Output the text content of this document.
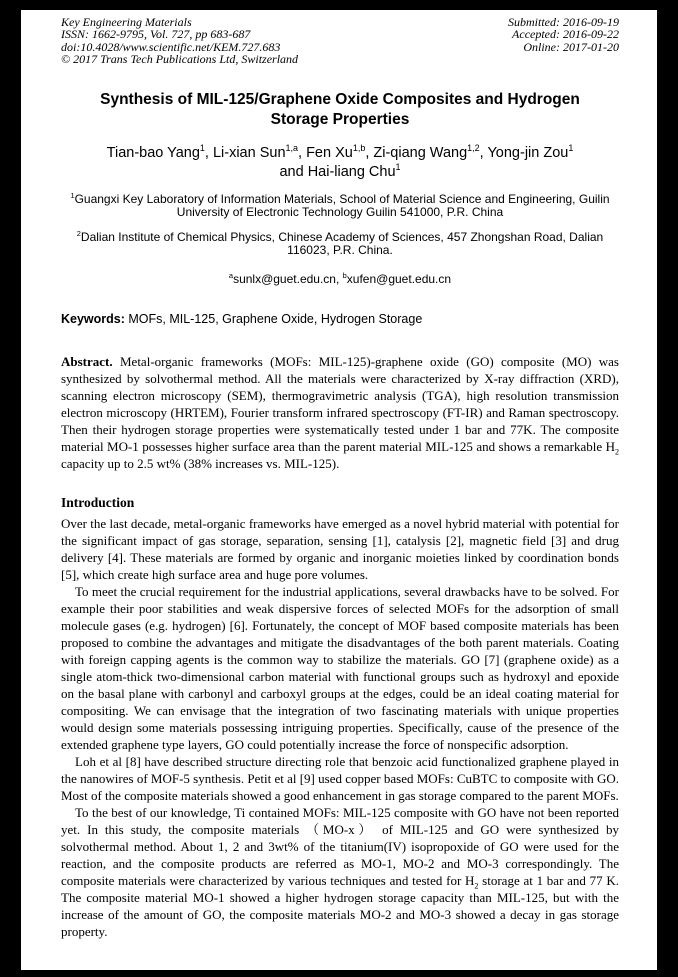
Key Engineering Materials
ISSN: 1662-9795, Vol. 727, pp 683-687
doi:10.4028/www.scientific.net/KEM.727.683
© 2017 Trans Tech Publications Ltd, Switzerland
Submitted: 2016-09-19
Accepted: 2016-09-22
Online: 2017-01-20
Synthesis of MIL-125/Graphene Oxide Composites and Hydrogen
Storage Properties
Tian-bao Yang$^1$, Li-xian Sun$^{1,a}$, Fen Xu$^{1,b}$, Zi-qiang Wang$^{1,2}$, Yong-jin Zou$^1$ and Hai-liang Chu$^1$
$^1$Guangxi Key Laboratory of Information Materials, School of Material Science and Engineering, Guilin University of Electronic Technology Guilin 541000, P.R. China
$^2$Dalian Institute of Chemical Physics, Chinese Academy of Sciences, 457 Zhongshan Road, Dalian 116023, P.R. China.
$^a$sunlx@guet.edu.cn, $^b$xufen@guet.edu.cn
Keywords: MOFs, MIL-125, Graphene Oxide, Hydrogen Storage

Abstract. Metal-organic frameworks (MOFs: MIL-125)-graphene oxide (GO) composite (MO) was synthesized by solvothermal method. All the materials were characterized by X-ray diffraction (XRD), scanning electron microscopy (SEM), thermogravimetric analysis (TGA), high resolution transmission electron microscopy (HRTEM), Fourier transform infrared spectroscopy (FT-IR) and Raman spectroscopy. Then their hydrogen storage properties were systematically tested under 1 bar and 77K. The composite material MO-1 possesses higher surface area than the parent material MIL-125 and shows a remarkable $H_2$ capacity up to 2.5 wt% (38% increases vs. MIL-125).

Introduction

Over the last decade, metal-organic frameworks have emerged as a novel hybrid material with potential for the significant impact of gas storage, separation, sensing [1], catalysis [2], magnetic field [3] and drug delivery [4]. These materials are formed by organic and inorganic moieties linked by coordination bonds [5], which create high surface area and huge pore volumes.

To meet the crucial requirement for the industrial applications, several drawbacks have to be solved. For example their poor stabilities and weak dispersive forces of selected MOFs for the adsorption of small molecule gases (e.g. hydrogen) [6]. Fortunately, the concept of MOF based composite materials has been proposed to combine the advantages and mitigate the disadvantages of the both parent materials. Coating with foreign capping agents is the common way to stabilize the materials. GO [7] (graphene oxide) as a single atom-thick two-dimensional carbon material with functional groups such as hydroxyl and epoxide on the basal plane with carbonyl and carboxyl groups at the edges, could be an ideal coating material for compositing. We can envisage that the integration of two fascinating materials with unique properties would design some materials possessing intriguing properties. Specifically, cause of the presence of the extended graphene type layers, GO could potentially increase the force of nonspecific adsorption.

Loh et al [8] have described structure directing role that benzoic acid functionalized graphene played in the nanowires of MOF-5 synthesis. Petit et al [9] used copper based MOFs: CuBTC to composite with GO. Most of the composite materials showed a good enhancement in gas storage compared to the parent MOFs.

To the best of our knowledge, Ti contained MOFs: MIL-125 composite with GO have not been reported yet. In this study, the composite materials （MO-x） of MIL-125 and GO were synthesized by solvothermal method. About 1, 2 and 3wt% of the titanium(IV) isopropoxide of GO were used for the reaction, and the composite products are referred as MO-1, MO-2 and MO-3 correspondingly. The composite materials were characterized by various techniques and tested for $H_2$ storage at 1 bar and 77 K. The composite material MO-1 showed a higher hydrogen storage capacity than MIL-125, but with the increase of the amount of GO, the composite materials MO-2 and MO-3 showed a decay in gas storage property.
